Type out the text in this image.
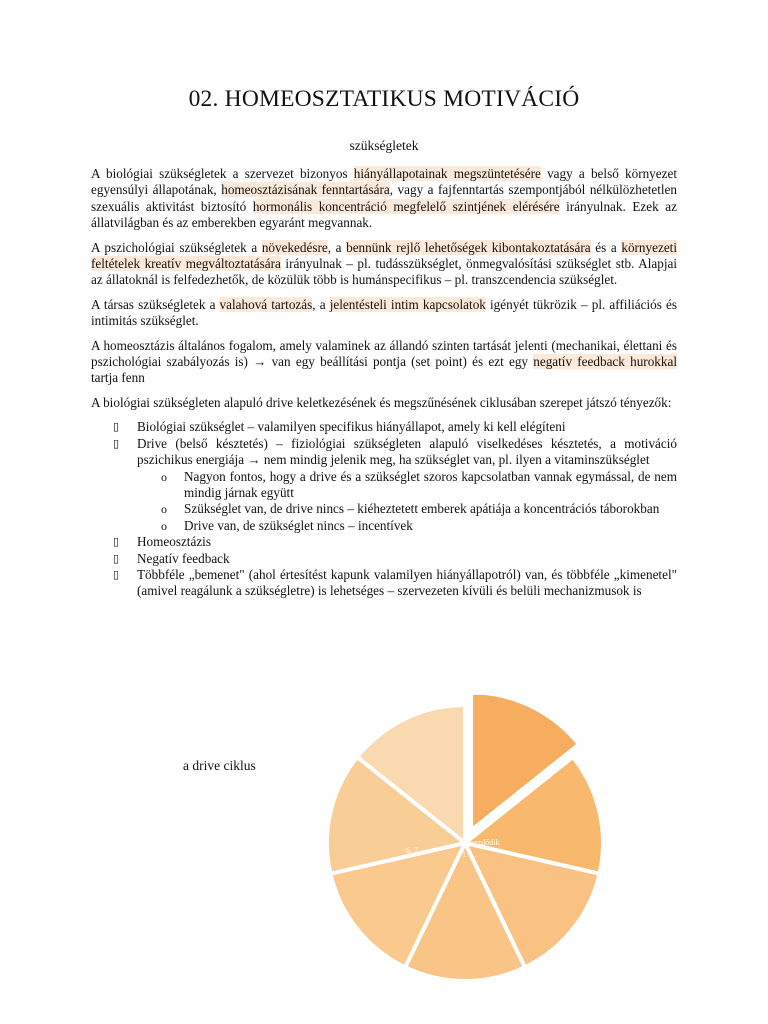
02. HOMEOSZTATIKUS MOTIVÁCIÓ
szükségletek

A biológiai szükségletek a szervezet bizonyos hiányállapotainak megszüntetésére vagy a belső környezet egyensúlyi állapotának, homeosztázisának fenntartására, vagy a fajfenntartás szempontjából nélkülözhetetlen szexuális aktivitást biztosító hormonális koncentráció megfelelő szintjének elérésére irányulnak. Ezek az állatvilágban és az emberekben egyaránt megvannak.

A pszichológiai szükségletek a növekedésre, a bennünk rejlő lehetőségek kibontakoztatására és a környezeti feltételek kreatív megváltoztatására irányulnak – pl. tudásszükséglet, önmegvalósítási szükséglet stb. Alapjai az állatoknál is felfedezhetők, de közülük több is humánspecifikus – pl. transzcendencia szükséglet.

A társas szükségletek a valahová tartozás, a jelentésteli intim kapcsolatok igényét tükrözik – pl. affiliációs és intimitás szükséglet.

A homeosztázis általános fogalom, amely valaminek az állandó szinten tartását jelenti (mechanikai, élettani és pszichológiai szabályozás is) → van egy beállítási pontja (set point) és ezt egy negatív feedback hurokkal tartja fenn

A biológiai szükségleten alapuló drive keletkezésének és megszűnésének ciklusában szerepet játszó tényezők:

▯ Biológiai szükséglet – valamilyen specifikus hiányállapot, amely ki kell elégíteni
▯ Drive (belső késztetés) – fiziológiai szükségleten alapuló viselkedéses késztetés, a motiváció pszichikus energiája → nem mindig jelenik meg, ha szükséglet van, pl. ilyen a vitaminszükséglet
o Nagyon fontos, hogy a drive és a szükséglet szoros kapcsolatban vannak egymással, de nem mindig járnak együtt
o Szükséglet van, de drive nincs – kiéheztetett emberek apátiája a koncentrációs táborokban
o Drive van, de szükséglet nincs – incentívek
▯ Homeosztázis
▯ Negatív feedback
▯ Többféle „bemenet" (ahol értesítést kapunk valamilyen hiányállapotról) van, és többféle „kimenetel" (amivel reagálunk a szükségletre) is lehetséges – szervezeten kívüli és belüli mechanizmusok is
a drive ciklus
6. 7.
kezdődik
1. . .
